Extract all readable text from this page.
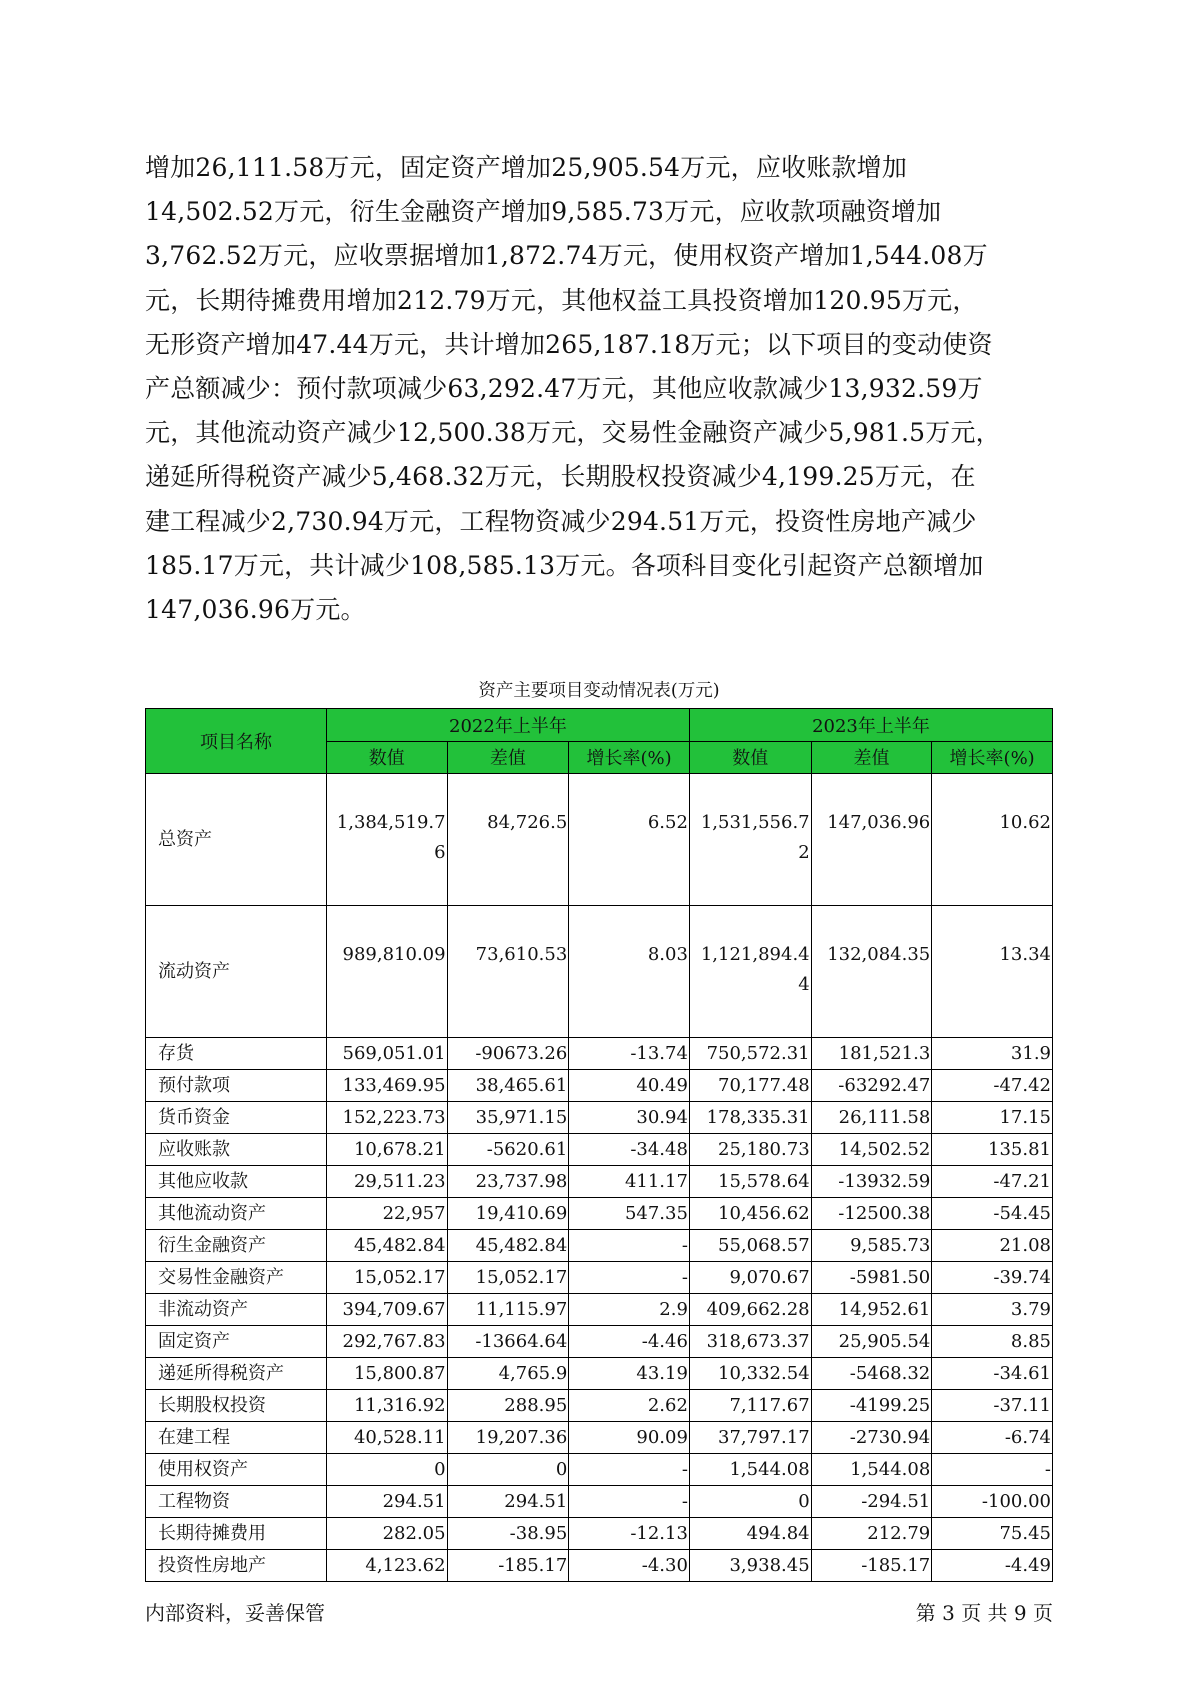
增加26,111.58万元，固定资产增加25,905.54万元，应收账款增加
14,502.52万元，衍生金融资产增加9,585.73万元，应收款项融资增加
3,762.52万元，应收票据增加1,872.74万元，使用权资产增加1,544.08万
元，长期待摊费用增加212.79万元，其他权益工具投资增加120.95万元，
无形资产增加47.44万元，共计增加265,187.18万元；以下项目的变动使资
产总额减少：预付款项减少63,292.47万元，其他应收款减少13,932.59万
元，其他流动资产减少12,500.38万元，交易性金融资产减少5,981.5万元，
递延所得税资产减少5,468.32万元，长期股权投资减少4,199.25万元，在
建工程减少2,730.94万元，工程物资减少294.51万元，投资性房地产减少
185.17万元，共计减少108,585.13万元。各项科目变化引起资产总额增加
147,036.96万元。

资产主要项目变动情况表(万元)
项目名称	2022年上半年			2023年上半年		
	数值	差值	增长率(%)	数值	差值	增长率(%)
总资产	1,384,519.76	84,726.5	6.52	1,531,556.72	147,036.96	10.62
流动资产	989,810.09	73,610.53	8.03	1,121,894.44	132,084.35	13.34
存货	569,051.01	-90673.26	-13.74	750,572.31	181,521.3	31.9
预付款项	133,469.95	38,465.61	40.49	70,177.48	-63292.47	-47.42
货币资金	152,223.73	35,971.15	30.94	178,335.31	26,111.58	17.15
应收账款	10,678.21	-5620.61	-34.48	25,180.73	14,502.52	135.81
其他应收款	29,511.23	23,737.98	411.17	15,578.64	-13932.59	-47.21
其他流动资产	22,957	19,410.69	547.35	10,456.62	-12500.38	-54.45
衍生金融资产	45,482.84	45,482.84	-	55,068.57	9,585.73	21.08
交易性金融资产	15,052.17	15,052.17	-	9,070.67	-5981.50	-39.74
非流动资产	394,709.67	11,115.97	2.9	409,662.28	14,952.61	3.79
固定资产	292,767.83	-13664.64	-4.46	318,673.37	25,905.54	8.85
递延所得税资产	15,800.87	4,765.9	43.19	10,332.54	-5468.32	-34.61
长期股权投资	11,316.92	288.95	2.62	7,117.67	-4199.25	-37.11
在建工程	40,528.11	19,207.36	90.09	37,797.17	-2730.94	-6.74
使用权资产	0	0	-	1,544.08	1,544.08	-
工程物资	294.51	294.51	-	0	-294.51	-100.00
长期待摊费用	282.05	-38.95	-12.13	494.84	212.79	75.45
投资性房地产	4,123.62	-185.17	-4.30	3,938.45	-185.17	-4.49
内部资料，妥善保管	第 3 页 共 9 页
